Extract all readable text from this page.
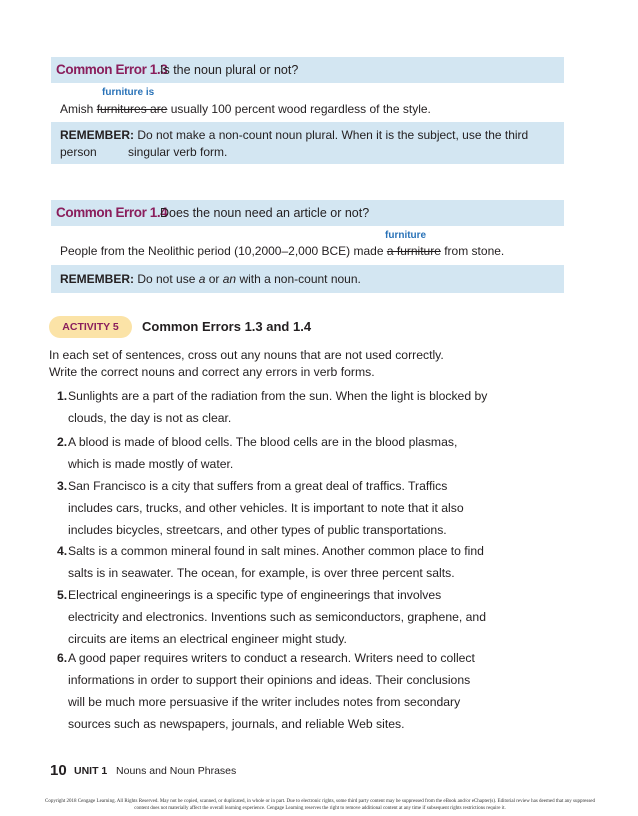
Common Error 1.3
Is the noun plural or not?
furniture is
Amish furnitures are usually 100 percent wood regardless of the style.
REMEMBER: Do not make a non-count noun plural. When it is the subject, use the third person	singular verb form.
Common Error 1.4
Does the noun need an article or not?
furniture
People from the Neolithic period (10,2000–2,000 BCE) made a furniture from stone.
REMEMBER: Do not use a or an with a non-count noun.
ACTIVITY 5	Common Errors 1.3 and 1.4
In each set of sentences, cross out any nouns that are not used correctly. Write the correct nouns and correct any errors in verb forms.
1. Sunlights are a part of the radiation from the sun. When the light is blocked by clouds, the day is not as clear.
2. A blood is made of blood cells. The blood cells are in the blood plasmas, which is made mostly of water.
3. San Francisco is a city that suffers from a great deal of traffics. Traffics includes cars, trucks, and other vehicles. It is important to note that it also includes bicycles, streetcars, and other types of public transportations.
4. Salts is a common mineral found in salt mines. Another common place to find salts is in seawater. The ocean, for example, is over three percent salts.
5. Electrical engineerings is a specific type of engineerings that involves electricity and electronics. Inventions such as semiconductors, graphene, and circuits are items an electrical engineer might study.
6. A good paper requires writers to conduct a research. Writers need to collect informations in order to support their opinions and ideas. Their conclusions will be much more persuasive if the writer includes notes from secondary sources such as newspapers, journals, and reliable Web sites.
10 UNIT 1 Nouns and Noun Phrases
Copyright 2018 Cengage Learning. All Rights Reserved. May not be copied, scanned, or duplicated, in whole or in part. Due to electronic rights, some third party content may be suppressed from the eBook and/or eChapter(s). Editorial review has deemed that any suppressed content does not materially affect the overall learning experience. Cengage Learning reserves the right to remove additional content at any time if subsequent rights restrictions require it.
